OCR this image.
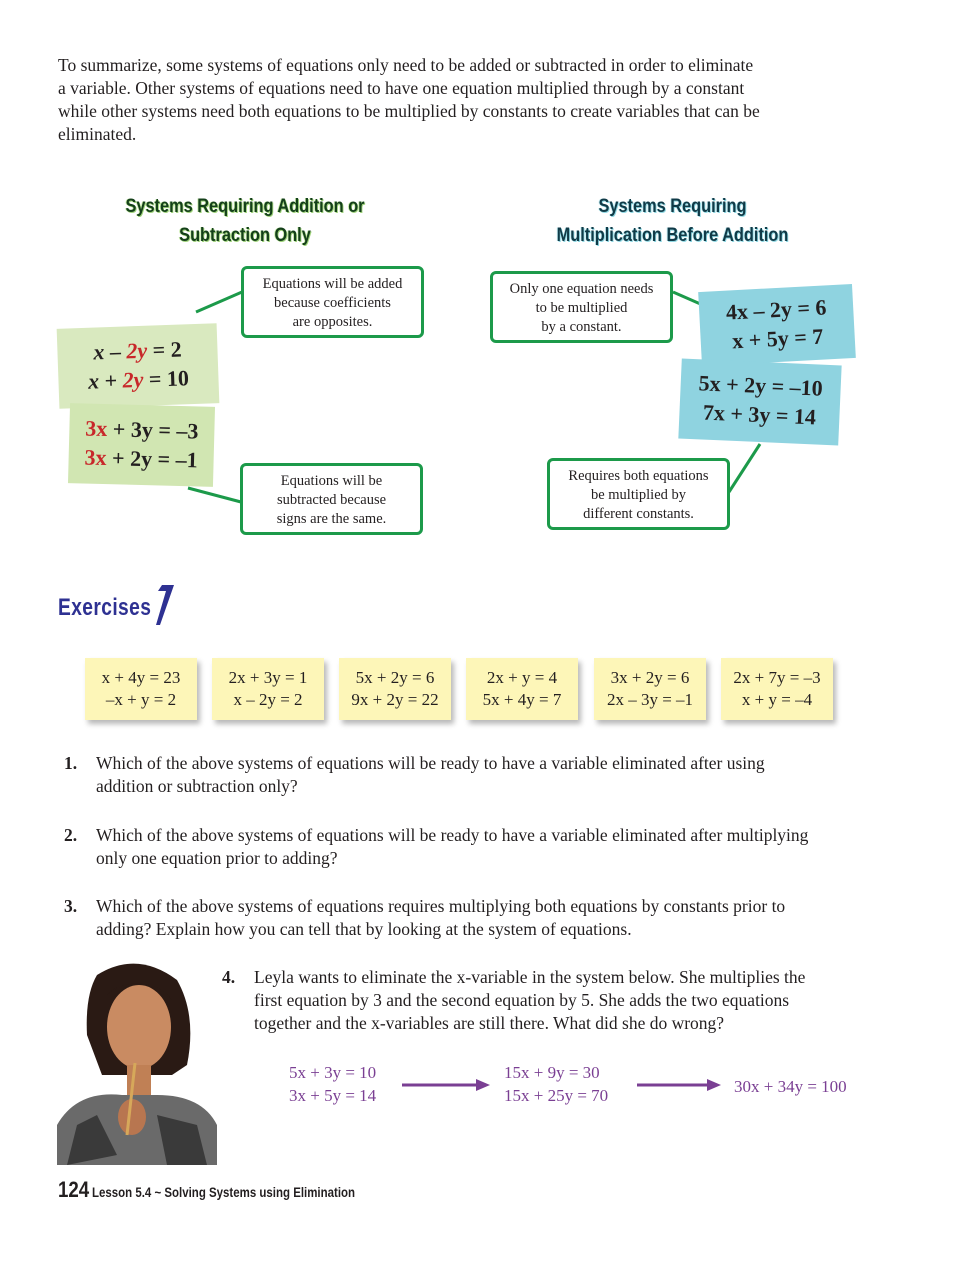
To summarize, some systems of equations only need to be added or subtracted in order to eliminate

a variable. Other systems of equations need to have one equation multiplied through by a constant

while other systems need both equations to be multiplied by constants to create variables that can be

eliminated.

Systems Requiring Addition or
Subtraction Only
Systems Requiring
Multiplication Before Addition
Equations will be added
because coefficients
are opposites.
Equations will be
subtracted because
signs are the same.
Only one equation needs
to be multiplied
by a constant.
Requires both equations
be multiplied by
different constants.
x – 2y = 2
x + 2y = 10
3x + 3y = –3
3x + 2y = –1
4x – 2y = 6
x + 5y = 7
5x + 2y = –10
7x + 3y = 14
Exercises
x + 4y = 23
–x + y = 2
2x + 3y = 1
x – 2y = 2
5x + 2y = 6
9x + 2y = 22
2x + y = 4
5x + 4y = 7
3x + 2y = 6
2x – 3y = –1
2x + 7y = –3
x + y = –4
1.	Which of the above systems of equations will be ready to have a variable eliminated after using
addition or subtraction only?
2.	Which of the above systems of equations will be ready to have a variable eliminated after multiplying
only one equation prior to adding?
3.	Which of the above systems of equations requires multiplying both equations by constants prior to
adding? Explain how you can tell that by looking at the system of equations.
4.	Leyla wants to eliminate the x-variable in the system below. She multiplies the
first equation by 3 and the second equation by 5. She adds the two equations
together and the x-variables are still there. What did she do wrong?
5x + 3y = 10
3x + 5y = 14
15x + 9y = 30
15x + 25y = 70	30x + 34y = 100
124 Lesson 5.4 ~ Solving Systems using Elimination
